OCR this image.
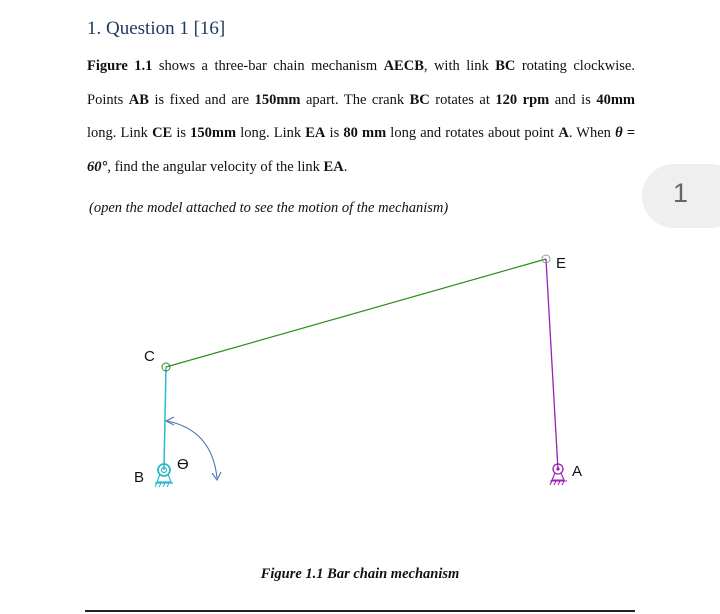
1. Question 1 [16]
Figure 1.1 shows a three-bar chain mechanism AECB, with link BC rotating clockwise. Points AB is fixed and are 150mm apart. The crank BC rotates at 120 rpm and is 40mm long. Link CE is 150mm long. Link EA is 80 mm long and rotates about point A. When θ = 60°, find the angular velocity of the link EA.
(open the model attached to see the motion of the mechanism)	1
C
E
B	A
ϴ
Figure 1.1 Bar chain mechanism
